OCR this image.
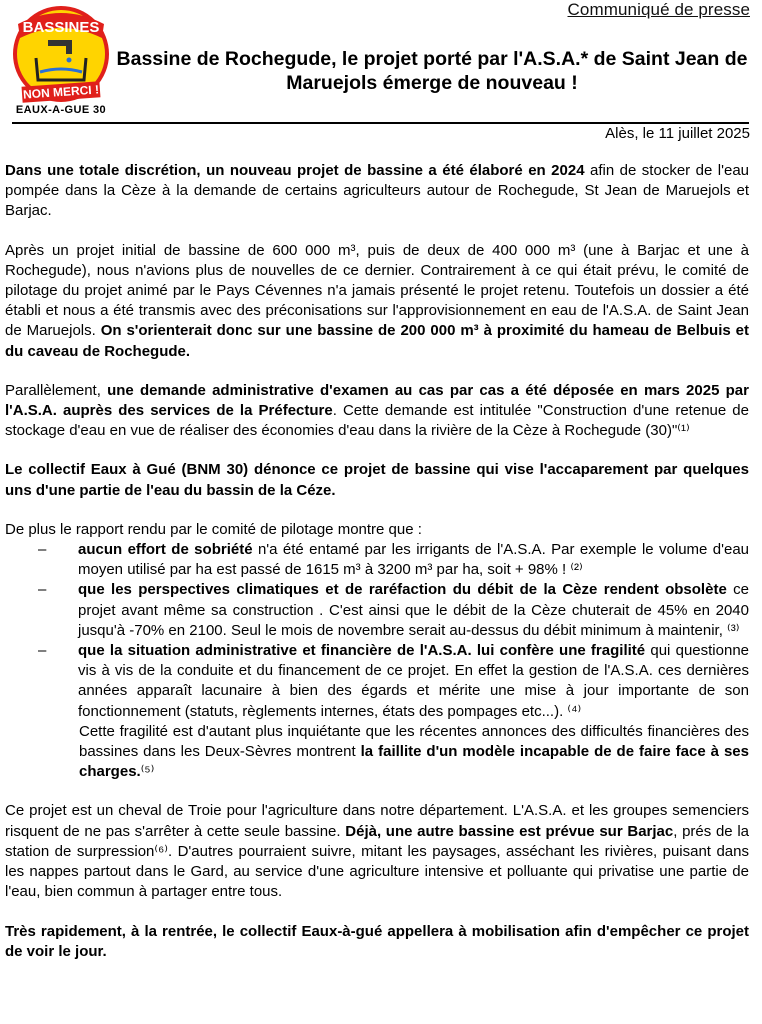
Communiqué de presse
BASSINES
NON MERCI !
EAUX-A-GUE 30
Bassine de Rochegude, le projet porté par l'A.S.A.* de Saint Jean de Maruejols émerge de nouveau !
Alès, le 11 juillet 2025

Dans une totale discrétion, un nouveau projet de bassine a été élaboré en 2024 afin de stocker de l'eau pompée dans la Cèze à la demande de certains agriculteurs autour de Rochegude, St Jean de Maruejols et Barjac.

Après un projet initial de bassine de 600 000 m³, puis de deux de 400 000 m³ (une à Barjac et une à Rochegude), nous n'avions plus de nouvelles de ce dernier. Contrairement à ce qui était prévu, le comité de pilotage du projet animé par le Pays Cévennes n'a jamais présenté le projet retenu. Toutefois un dossier a été établi et nous a été transmis avec des préconisations sur l'approvisionnement en eau de l'A.S.A. de Saint Jean de Maruejols. On s'orienterait donc sur une bassine de 200 000 m³ à proximité du hameau de Belbuis et du caveau de Rochegude.

Parallèlement, une demande administrative d'examen au cas par cas a été déposée en mars 2025 par l'A.S.A. auprès des services de la Préfecture. Cette demande est intitulée "Construction d'une retenue de stockage d'eau en vue de réaliser des économies d'eau dans la rivière de la Cèze à Rochegude (30)"⁽¹⁾

Le collectif Eaux à Gué (BNM 30) dénonce ce projet de bassine qui vise l'accaparement par quelques uns d'une partie de l'eau du bassin de la Céze.

De plus le rapport rendu par le comité de pilotage montre que :
–	aucun effort de sobriété n'a été entamé par les irrigants de l'A.S.A. Par exemple le volume d'eau moyen utilisé par ha est passé de 1615 m³ à 3200 m³ par ha, soit + 98% ! ⁽²⁾
–	que les perspectives climatiques et de raréfaction du débit de la Cèze rendent obsolète ce projet avant même sa construction . C'est ainsi que le débit de la Cèze chuterait de 45% en 2040 jusqu'à -70% en 2100. Seul le mois de novembre serait au-dessus du débit minimum à maintenir, ⁽³⁾
–	que la situation administrative et financière de l'A.S.A. lui confère une fragilité qui questionne vis à vis de la conduite et du financement de ce projet. En effet la gestion de l'A.S.A. ces dernières années apparaît lacunaire à bien des égards et mérite une mise à jour importante de son fonctionnement (statuts, règlements internes, états des pompages etc...). ⁽⁴⁾
Cette fragilité est d'autant plus inquiétante que les récentes annonces des difficultés financières des bassines dans les Deux-Sèvres montrent la faillite d'un modèle incapable de de faire face à ses charges.⁽⁵⁾

Ce projet est un cheval de Troie pour l'agriculture dans notre département. L'A.S.A. et les groupes semenciers risquent de ne pas s'arrêter à cette seule bassine. Déjà, une autre bassine est prévue sur Barjac, prés de la station de surpression⁽⁶⁾. D'autres pourraient suivre, mitant les paysages, asséchant les rivières, puisant dans les nappes partout dans le Gard, au service d'une agriculture intensive et polluante qui privatise une partie de l'eau, bien commun à partager entre tous.

Très rapidement, à la rentrée, le collectif Eaux-à-gué appellera à mobilisation afin d'empêcher ce projet de voir le jour.
